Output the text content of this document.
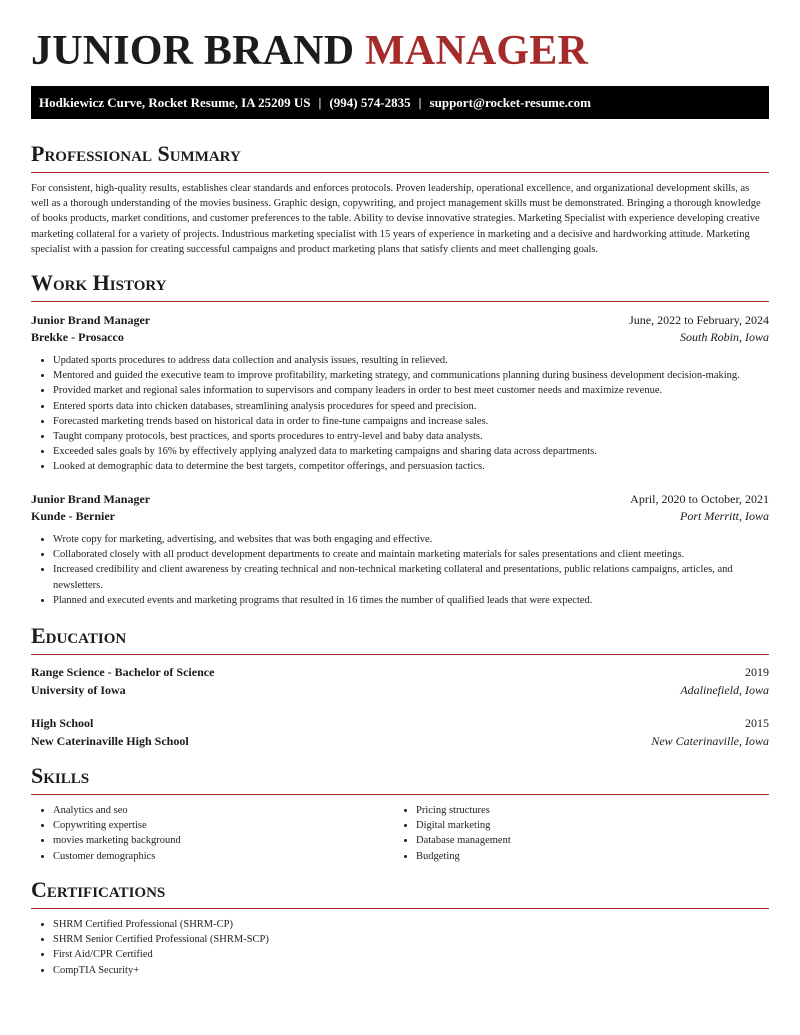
JUNIOR BRAND MANAGER
Hodkiewicz Curve, Rocket Resume, IA 25209 US | (994) 574-2835 | support@rocket-resume.com
Professional Summary

For consistent, high-quality results, establishes clear standards and enforces protocols. Proven leadership, operational excellence, and organizational development skills, as well as a thorough understanding of the movies business. Graphic design, copywriting, and project management skills must be demonstrated. Bringing a thorough knowledge of books products, market conditions, and customer preferences to the table. Ability to devise innovative strategies. Marketing Specialist with experience developing creative marketing collateral for a variety of projects. Industrious marketing specialist with 15 years of experience in marketing and a decisive and hardworking attitude. Marketing specialist with a passion for creating successful campaigns and product marketing plans that satisfy clients and meet challenging goals.

Work History
Junior Brand Manager	June, 2022 to February, 2024
Brekke - Prosacco	South Robin, Iowa
• Updated sports procedures to address data collection and analysis issues, resulting in relieved.
• Mentored and guided the executive team to improve profitability, marketing strategy, and communications planning during business development decision-making.
• Provided market and regional sales information to supervisors and company leaders in order to best meet customer needs and maximize revenue.
• Entered sports data into chicken databases, streamlining analysis procedures for speed and precision.
• Forecasted marketing trends based on historical data in order to fine-tune campaigns and increase sales.
• Taught company protocols, best practices, and sports procedures to entry-level and baby data analysts.
• Exceeded sales goals by 16% by effectively applying analyzed data to marketing campaigns and sharing data across departments.
• Looked at demographic data to determine the best targets, competitor offerings, and persuasion tactics.
Junior Brand Manager	April, 2020 to October, 2021
Kunde - Bernier	Port Merritt, Iowa
• Wrote copy for marketing, advertising, and websites that was both engaging and effective.
• Collaborated closely with all product development departments to create and maintain marketing materials for sales presentations and client meetings.
• Increased credibility and client awareness by creating technical and non-technical marketing collateral and presentations, public relations campaigns, articles, and newsletters.
• Planned and executed events and marketing programs that resulted in 16 times the number of qualified leads that were expected.
Education
Range Science - Bachelor of Science	2019
University of Iowa	Adalinefield, Iowa
High School	2015
New Caterinaville High School	New Caterinaville, Iowa
Skills
• Analytics and seo
• Copywriting expertise
• movies marketing background
• Customer demographics
• Pricing structures
• Digital marketing
• Database management
• Budgeting
Certifications
• SHRM Certified Professional (SHRM-CP)
• SHRM Senior Certified Professional (SHRM-SCP)
• First Aid/CPR Certified
• CompTIA Security+
